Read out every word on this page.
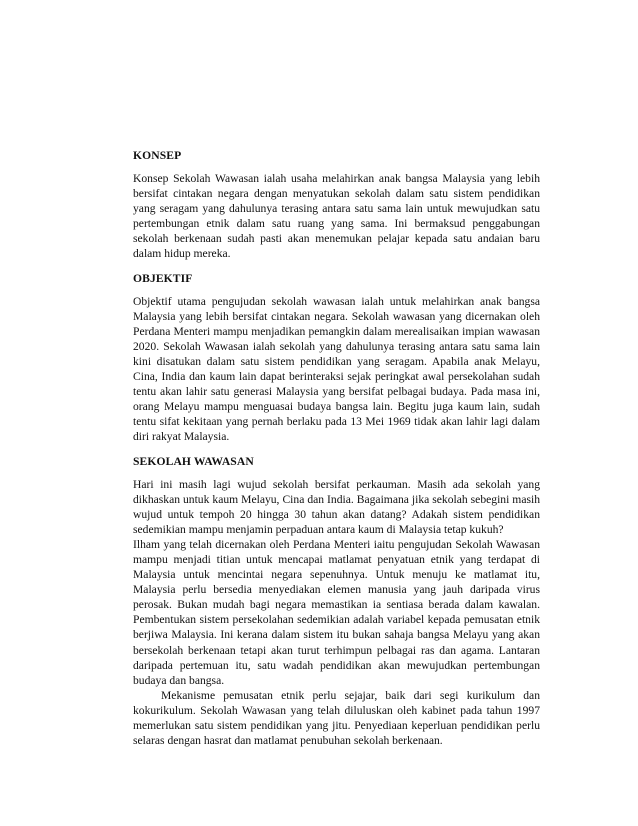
KONSEP

Konsep Sekolah Wawasan ialah usaha melahirkan anak bangsa Malaysia yang lebih bersifat cintakan negara dengan menyatukan sekolah dalam satu sistem pendidikan yang seragam yang dahulunya terasing antara satu sama lain untuk mewujudkan satu pertembungan etnik dalam satu ruang yang sama. Ini bermaksud penggabungan sekolah berkenaan sudah pasti akan menemukan pelajar kepada satu andaian baru dalam hidup mereka.

OBJEKTIF

Objektif utama pengujudan sekolah wawasan ialah untuk melahirkan anak bangsa Malaysia yang lebih bersifat cintakan negara. Sekolah wawasan yang dicernakan oleh Perdana Menteri mampu menjadikan pemangkin dalam merealisaikan impian wawasan 2020. Sekolah Wawasan ialah sekolah yang dahulunya terasing antara satu sama lain kini disatukan dalam satu sistem pendidikan yang seragam. Apabila anak Melayu, Cina, India dan kaum lain dapat berinteraksi sejak peringkat awal persekolahan sudah tentu akan lahir satu generasi Malaysia yang bersifat pelbagai budaya. Pada masa ini, orang Melayu mampu menguasai budaya bangsa lain. Begitu juga kaum lain, sudah tentu sifat kekitaan yang pernah berlaku pada 13 Mei 1969 tidak akan lahir lagi dalam diri rakyat Malaysia.

SEKOLAH WAWASAN

Hari ini masih lagi wujud sekolah bersifat perkauman. Masih ada sekolah yang dikhaskan untuk kaum Melayu, Cina dan India. Bagaimana jika sekolah sebegini masih wujud untuk tempoh 20 hingga 30 tahun akan datang? Adakah sistem pendidikan sedemikian mampu menjamin perpaduan antara kaum di Malaysia tetap kukuh?

Ilham yang telah dicernakan oleh Perdana Menteri iaitu pengujudan Sekolah Wawasan mampu menjadi titian untuk mencapai matlamat penyatuan etnik yang terdapat di Malaysia untuk mencintai negara sepenuhnya. Untuk menuju ke matlamat itu, Malaysia perlu bersedia menyediakan elemen manusia yang jauh daripada virus perosak. Bukan mudah bagi negara memastikan ia sentiasa berada dalam kawalan. Pembentukan sistem persekolahan sedemikian adalah variabel kepada pemusatan etnik berjiwa Malaysia. Ini kerana dalam sistem itu bukan sahaja bangsa Melayu yang akan bersekolah berkenaan tetapi akan turut terhimpun pelbagai ras dan agama. Lantaran daripada pertemuan itu, satu wadah pendidikan akan mewujudkan pertembungan budaya dan bangsa.

Mekanisme pemusatan etnik perlu sejajar, baik dari segi kurikulum dan kokurikulum. Sekolah Wawasan yang telah diluluskan oleh kabinet pada tahun 1997 memerlukan satu sistem pendidikan yang jitu. Penyediaan keperluan pendidikan perlu selaras dengan hasrat dan matlamat penubuhan sekolah berkenaan.
